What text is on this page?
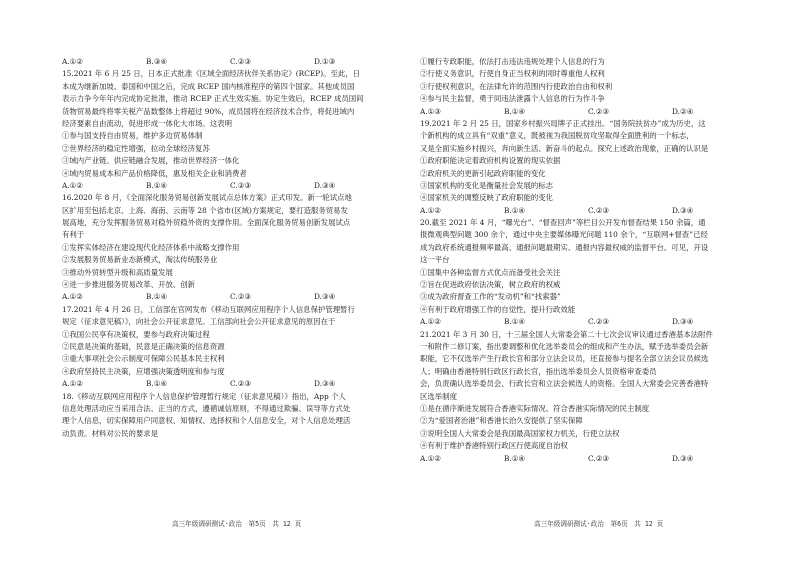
A.①②	B.③④	C.②③	D.①③
15.2021 年 6 月 25 日，日本正式批准《区域全面经济伙伴关系协定》(RCEP)。至此，日
本成为继新加坡、泰国和中国之后，完成 RCEP 国内核准程序的第四个国家。其他成员国
表示力争今年年内完成协定批准，推动 RCEP 正式生效实施。协定生效后，RCEP 成员国间
货物贸易最终将零关税产品数整体上将超过 90%，成员国将在经济技术合作，将促进域内
经济要素自由流动，促进形成一体化大市场。这表明
①参与国支持自由贸易，维护多边贸易体制
②世界经济的稳定性增强，拉动全球经济复苏
③域内产业链、供应链融合发展，推动世界经济一体化
④域内贸易成本和产品价格降低，惠及相关企业和消费者
A.①②	B.①④	C.②③	D.③④
16.2020 年 8 月，《全面深化服务贸易创新发展试点总体方案》正式印发。新一轮试点地
区扩用至包括北京、上海、海南、云南等 28 个省市(区域)方案规定，要打造服务贸易发
展高地，充分发挥服务贸易对稳外贸稳外资的支撑作用。全面深化服务贸易创新发展试点
有利于
①发挥实体经济在建设现代化经济体系中战略支撑作用
②发展服务贸易新业态新模式，淘汰传统服务业
③推动外贸转型升级和高质量发展
④进一步推进服务贸易改革、开放、创新
A.①②	B.①④	C.②③	D.③④
17.2021 年 4 月 26 日，工信部在官网发布《移动互联网应用程序个人信息保护管理暂行
规定（征求意见稿）》，向社会公开征求意见。工信部向社会公开征求意见的原因在于
①我国公民享有决策权，要参与政府决策过程
②民意是决策的基础，民意是正确决策的信息资源
③重大事项社会公示制度可保障公民基本民主权利
④政府坚持民主决策，应增强决策透明度和参与度
A.①②	B.①④	C.②③	D.③④
18.《移动互联网应用程序个人信息保护管理暂行规定（征求意见稿）》指出，App 个人
信息处理活动应当采用合法、正当的方式，遵循诚信原则，不得通过欺骗、误导等方式处
理个人信息，切实保障用户同意权、知情权、选择权和个人信息安全，对个人信息处理活
动负责。材料对公民的要求是
①履行专政职能，依法打击违法违规处理个人信息的行为
②行使义务意识，行使自身正当权利的同时尊重他人权利
③行使权利意识，在法律允许的范围内行使政治自由和权利
④参与民主监督，勇于同违法泄露个人信息的行为作斗争
A.①③	B.①④	C.②③	D.②④
19.2021 年 2 月 25 日，国家乡村振兴局牌子正式挂出。“国务院扶贫办”成为历史，这
个新机构的成立具有“双重”意义，既被视为我国脱贫攻坚取得全面胜利的一个标志，
又是全面实施乡村振兴，奔向新生活、新奋斗的起点。探究上述政治现象，正确的认识是
①政府职能决定着政府机构设置的现实依据
②政府机关的更新引起政府职能的变化
③国家机构的变化是衡量社会发展的标志
④国家机关的调整反映了政府职能的变化
A.①②	B.①④	C.②③	D.③④
20.截至 2021 年 4 月，“曝光台”、“督查回声”等栏目公开发布督查结果 150 余篇，通
报微观典型问题 300 余个，通过中央主要媒体曝光问题 110 余个，“互联网+督查”已经
成为政府系统通报频率最高、通报问题最期实、通报内容最权威的监督平台。可见，开设
这一平台
①国集中各种监督方式优点而备受社会关注
②旨在促进政府依法决策，树立政府的权威
③成为政府督查工作的“发动机”和“找索器”
④有利于政府增强工作的自觉性，提升行政效能
A.①②	B.①④	C.②③	D.③④
21.2021 年 3 月 30 日，十三届全国人大常委会第二十七次会议审议通过香港基本法附件
一和附件二修订案，指出要调整和优化选举委员会的组成和产生办法，赋予选举委员会新
职能，它不仅选举产生行政长官和部分立法会议员，还直接参与提名全部立法会议员候选
人；明确由香港特别行政区行政长官，指出选举委员会人员资格审查委员
会，负责确认选举委员会、行政长官和立法会候选人的资格。全国人大常委会完善香港特
区选举制度
①是在循序渐进发展符合香港实际情况、符合香港实际情况的民主制度
②为“爱国者治港”和香港长治久安提供了坚实保障
③说明全国人大常委会是我国最高国家权力机关，行使立法权
④有利于维护香港特别行政区行使高度自治权
A.①②	B.①④	C.②③	D.③④
高三年级调研测试·政治　第5页　共 12 页	高三年级调研测试·政治　第6页　共 12 页
